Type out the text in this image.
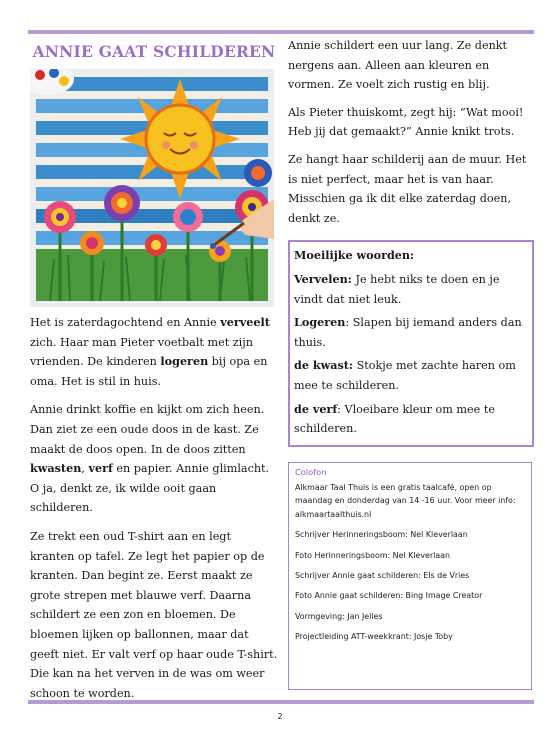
ANNIE GAAT SCHILDEREN

Het is zaterdagochtend en Annie verveelt zich. Haar man Pieter voetbalt met zijn vrienden. De kinderen logeren bij opa en oma. Het is stil in huis.

Annie drinkt koffie en kijkt om zich heen. Dan ziet ze een oude doos in de kast. Ze maakt de doos open. In de doos zitten kwasten, verf en papier. Annie glimlacht. O ja, denkt ze, ik wilde ooit gaan schilderen.

Ze trekt een oud T-shirt aan en legt kranten op tafel. Ze legt het papier op de kranten. Dan begint ze. Eerst maakt ze grote strepen met blauwe verf. Daarna schildert ze een zon en bloemen. De bloemen lijken op ballonnen, maar dat geeft niet. Er valt verf op haar oude T-shirt. Die kan na het verven in de was om weer schoon te worden.

Annie schildert een uur lang. Ze denkt nergens aan. Alleen aan kleuren en vormen. Ze voelt zich rustig en blij.

Als Pieter thuiskomt, zegt hij: “Wat mooi! Heb jij dat gemaakt?” Annie knikt trots.

Ze hangt haar schilderij aan de muur. Het is niet perfect, maar het is van haar. Misschien ga ik dit elke zaterdag doen, denkt ze.

Moeilijke woorden:
Vervelen: Je hebt niks te doen en je vindt dat niet leuk.
Logeren: Slapen bij iemand anders dan thuis.
de kwast: Stokje met zachte haren om mee te schilderen.
de verf: Vloeibare kleur om mee te schilderen.
Colofon
Alkmaar Taal Thuis is een gratis taalcafé, open op maandag en donderdag van 14 -16 uur. Voor meer info: alkmaartaalthuis.nl
Schrijver Herinneringsboom: Nel Kleverlaan
Foto Herinneringsboom: Nel Kleverlaan
Schrijver Annie gaat schilderen: Els de Vries
Foto Annie gaat schilderen: Bing Image Creator
Vormgeving: Jan Jelles
Projectleiding ATT-weekkrant: Josje Toby
2
